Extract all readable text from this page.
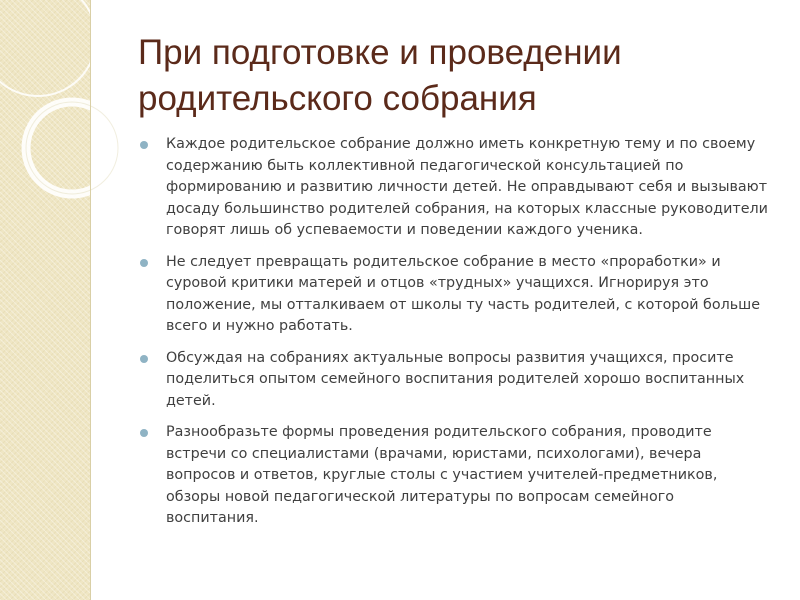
При подготовке и проведении
родительского собрания
Каждое родительское собрание должно иметь конкретную тему и по своему
содержанию быть коллективной педагогической консультацией по
формированию и развитию личности детей. Не оправдывают себя и вызывают
досаду большинство родителей собрания, на которых классные руководители
говорят лишь об успеваемости и поведении каждого ученика.
Не следует превращать родительское собрание в место «проработки» и
суровой критики матерей и отцов «трудных» учащихся. Игнорируя это
положение, мы отталкиваем от школы ту часть родителей, с которой больше
всего и нужно работать.
Обсуждая на собраниях актуальные вопросы развития учащихся, просите
поделиться опытом семейного воспитания родителей хорошо воспитанных
детей.
Разнообразьте формы проведения родительского собрания, проводите
встречи со специалистами (врачами, юристами, психологами), вечера
вопросов и ответов, круглые столы с участием учителей-предметников,
обзоры новой педагогической литературы по вопросам семейного
воспитания.
